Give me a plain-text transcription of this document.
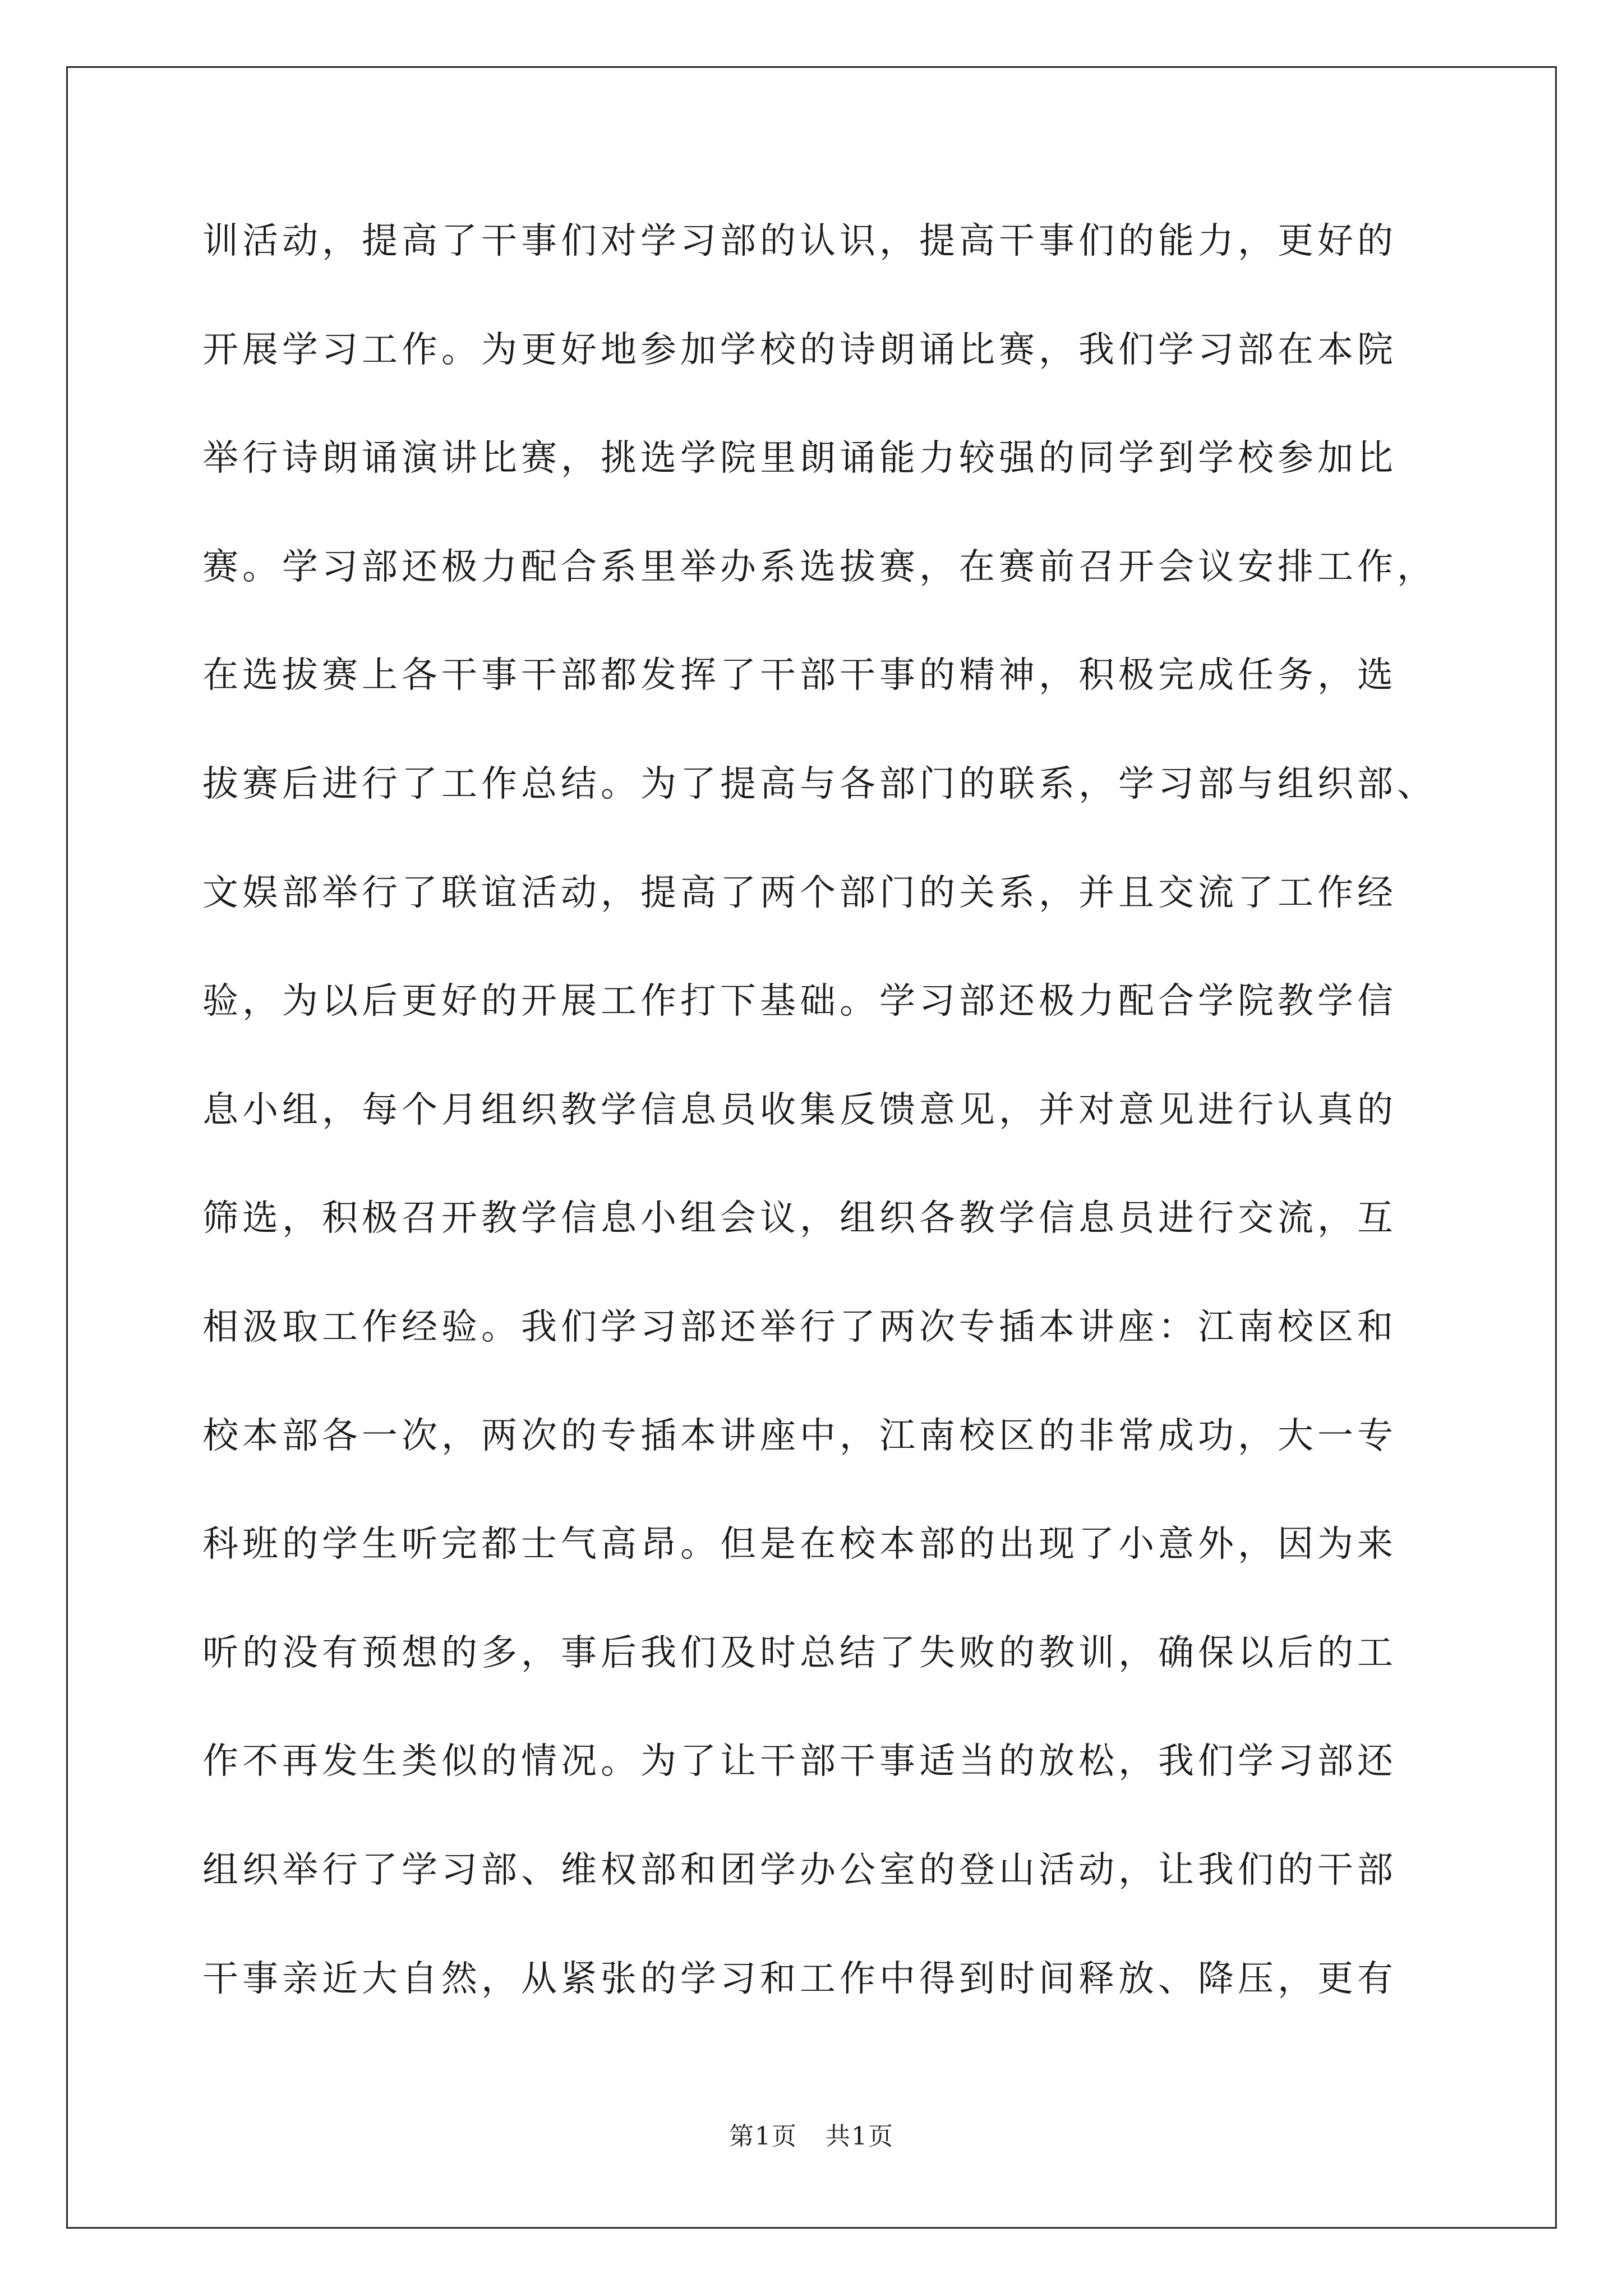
训活动，提高了干事们对学习部的认识，提高干事们的能力，更好的
开展学习工作。为更好地参加学校的诗朗诵比赛，我们学习部在本院
举行诗朗诵演讲比赛，挑选学院里朗诵能力较强的同学到学校参加比
赛。学习部还极力配合系里举办系选拔赛，在赛前召开会议安排工作，
在选拔赛上各干事干部都发挥了干部干事的精神，积极完成任务，选
拔赛后进行了工作总结。为了提高与各部门的联系，学习部与组织部、
文娱部举行了联谊活动，提高了两个部门的关系，并且交流了工作经
验，为以后更好的开展工作打下基础。学习部还极力配合学院教学信
息小组，每个月组织教学信息员收集反馈意见，并对意见进行认真的
筛选，积极召开教学信息小组会议，组织各教学信息员进行交流，互
相汲取工作经验。我们学习部还举行了两次专插本讲座：江南校区和
校本部各一次，两次的专插本讲座中，江南校区的非常成功，大一专
科班的学生听完都士气高昂。但是在校本部的出现了小意外，因为来
听的没有预想的多，事后我们及时总结了失败的教训，确保以后的工
作不再发生类似的情况。为了让干部干事适当的放松，我们学习部还
组织举行了学习部、维权部和团学办公室的登山活动，让我们的干部
干事亲近大自然，从紧张的学习和工作中得到时间释放、降压，更有
第1页 共1页
